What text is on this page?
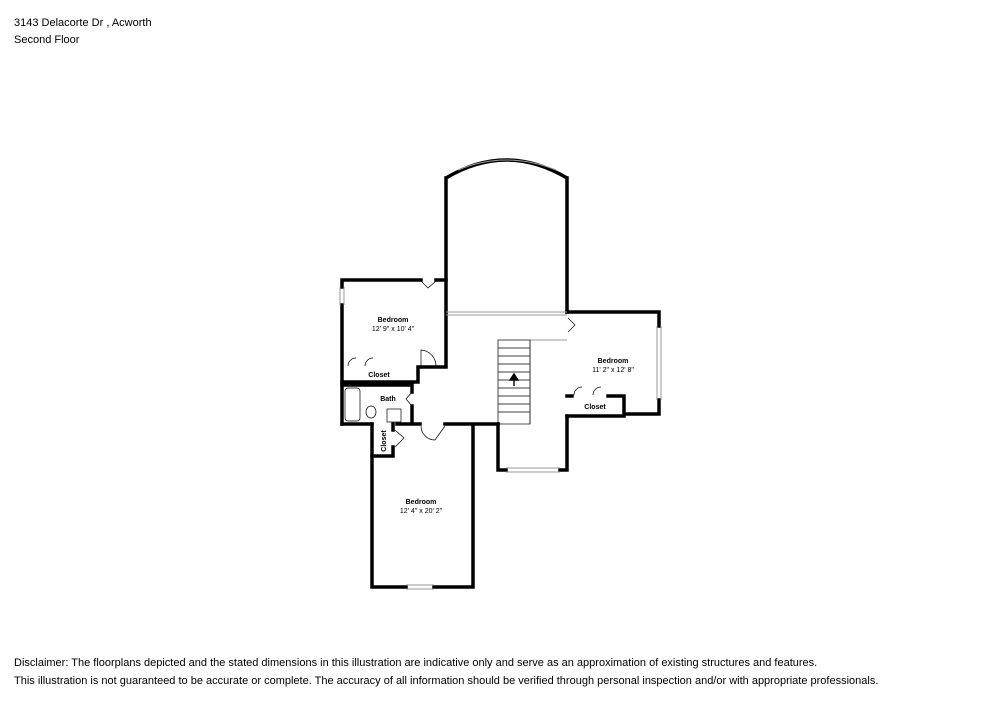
3143 Delacorte Dr , Acworth
Second Floor
Bedroom
12' 9" x 10' 4"
Closet
Bath
Closet
Bedroom
12' 4" x 20' 2"
Bedroom
11' 2" x 12' 8"
Closet
Disclaimer: The floorplans depicted and the stated dimensions in this illustration are indicative only and serve as an approximation of existing structures and features.
This illustration is not guaranteed to be accurate or complete. The accuracy of all information should be verified through personal inspection and/or with appropriate professionals.
